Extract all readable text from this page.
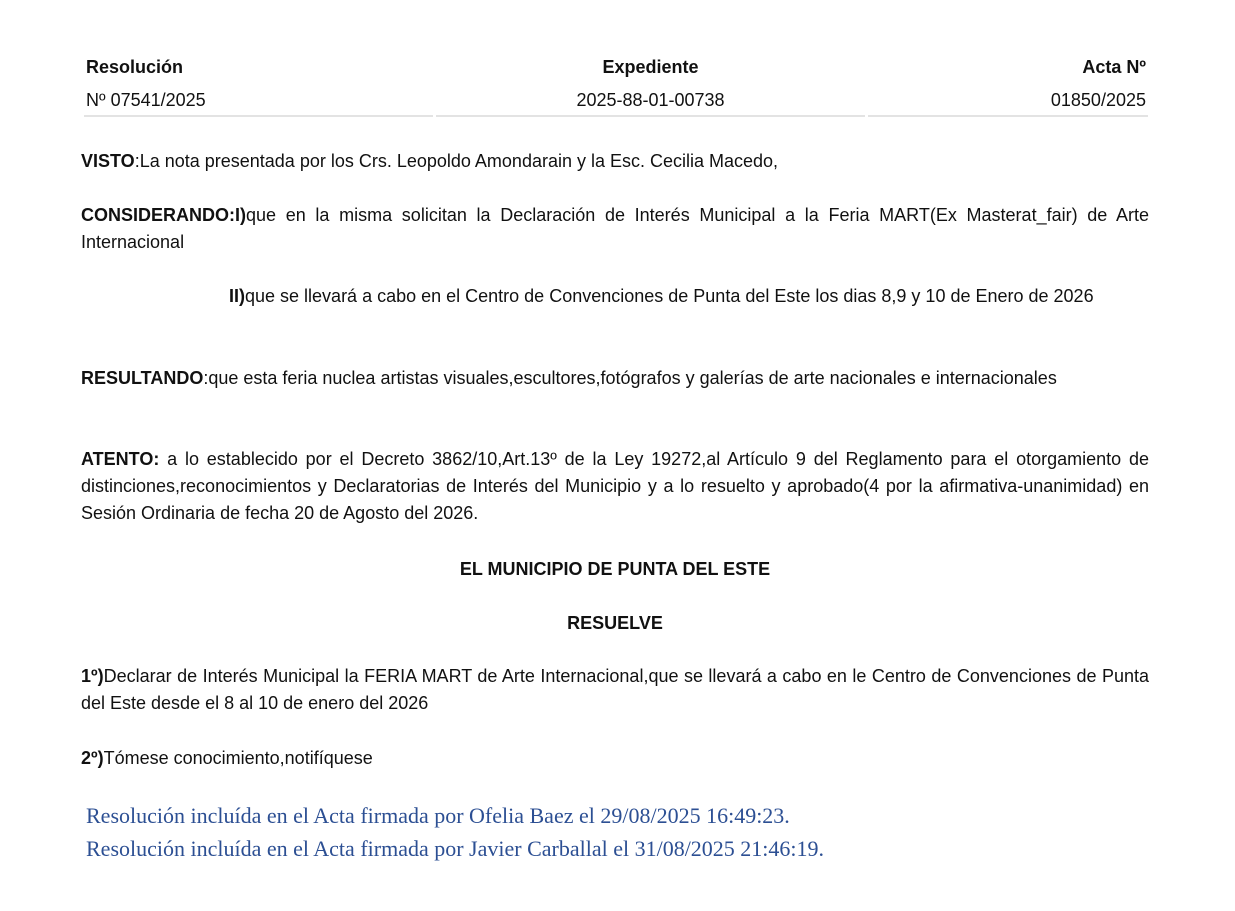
Resolución
Nº 07541/2025
Expediente
2025-88-01-00738
Acta Nº
01850/2025
VISTO:La nota presentada por los Crs. Leopoldo Amondarain y la Esc. Cecilia Macedo,
CONSIDERANDO:I)que en la misma solicitan la Declaración de Interés Municipal a la Feria MART(Ex Masterat_fair) de Arte Internacional
II)que se llevará a cabo en el Centro de Convenciones de Punta del Este los dias 8,9 y 10 de Enero de 2026
RESULTANDO:que esta feria nuclea artistas visuales,escultores,fotógrafos y galerías de arte nacionales e internacionales
ATENTO: a lo establecido por el Decreto 3862/10,Art.13º de la Ley 19272,al Artículo 9 del Reglamento para el otorgamiento de distinciones,reconocimientos y Declaratorias de Interés del Municipio y a lo resuelto y aprobado(4 por la afirmativa-unanimidad) en Sesión Ordinaria de fecha 20 de Agosto del 2026.
EL MUNICIPIO DE PUNTA DEL ESTE
RESUELVE
1º)Declarar de Interés Municipal la FERIA MART de Arte Internacional,que se llevará a cabo en le Centro de Convenciones de Punta del Este desde el 8 al 10 de enero del 2026
2º)Tómese conocimiento,notifíquese
Resolución incluída en el Acta firmada por Ofelia Baez el 29/08/2025 16:49:23.
Resolución incluída en el Acta firmada por Javier Carballal el 31/08/2025 21:46:19.
